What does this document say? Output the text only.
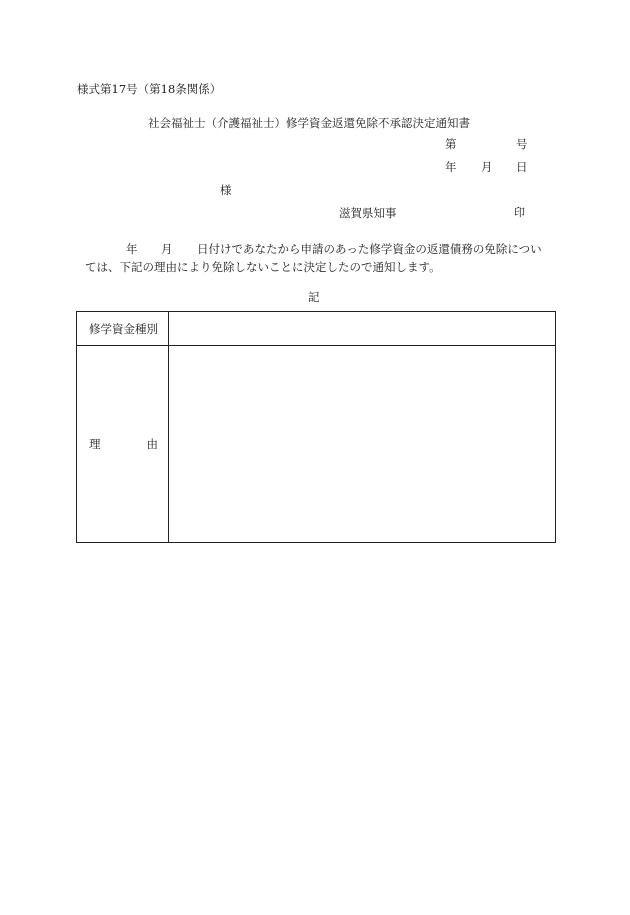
様式第17号（第18条関係）
社会福祉士（介護福祉士）修学資金返還免除不承認決定通知書
第	号
年 月 日
様
滋賀県知事	印
年 月 日付けであなたから申請のあった修学資金の返還債務の免除につい
ては、下記の理由により免除しないことに決定したので通知します。
記
修学資金種別	

理 由	
